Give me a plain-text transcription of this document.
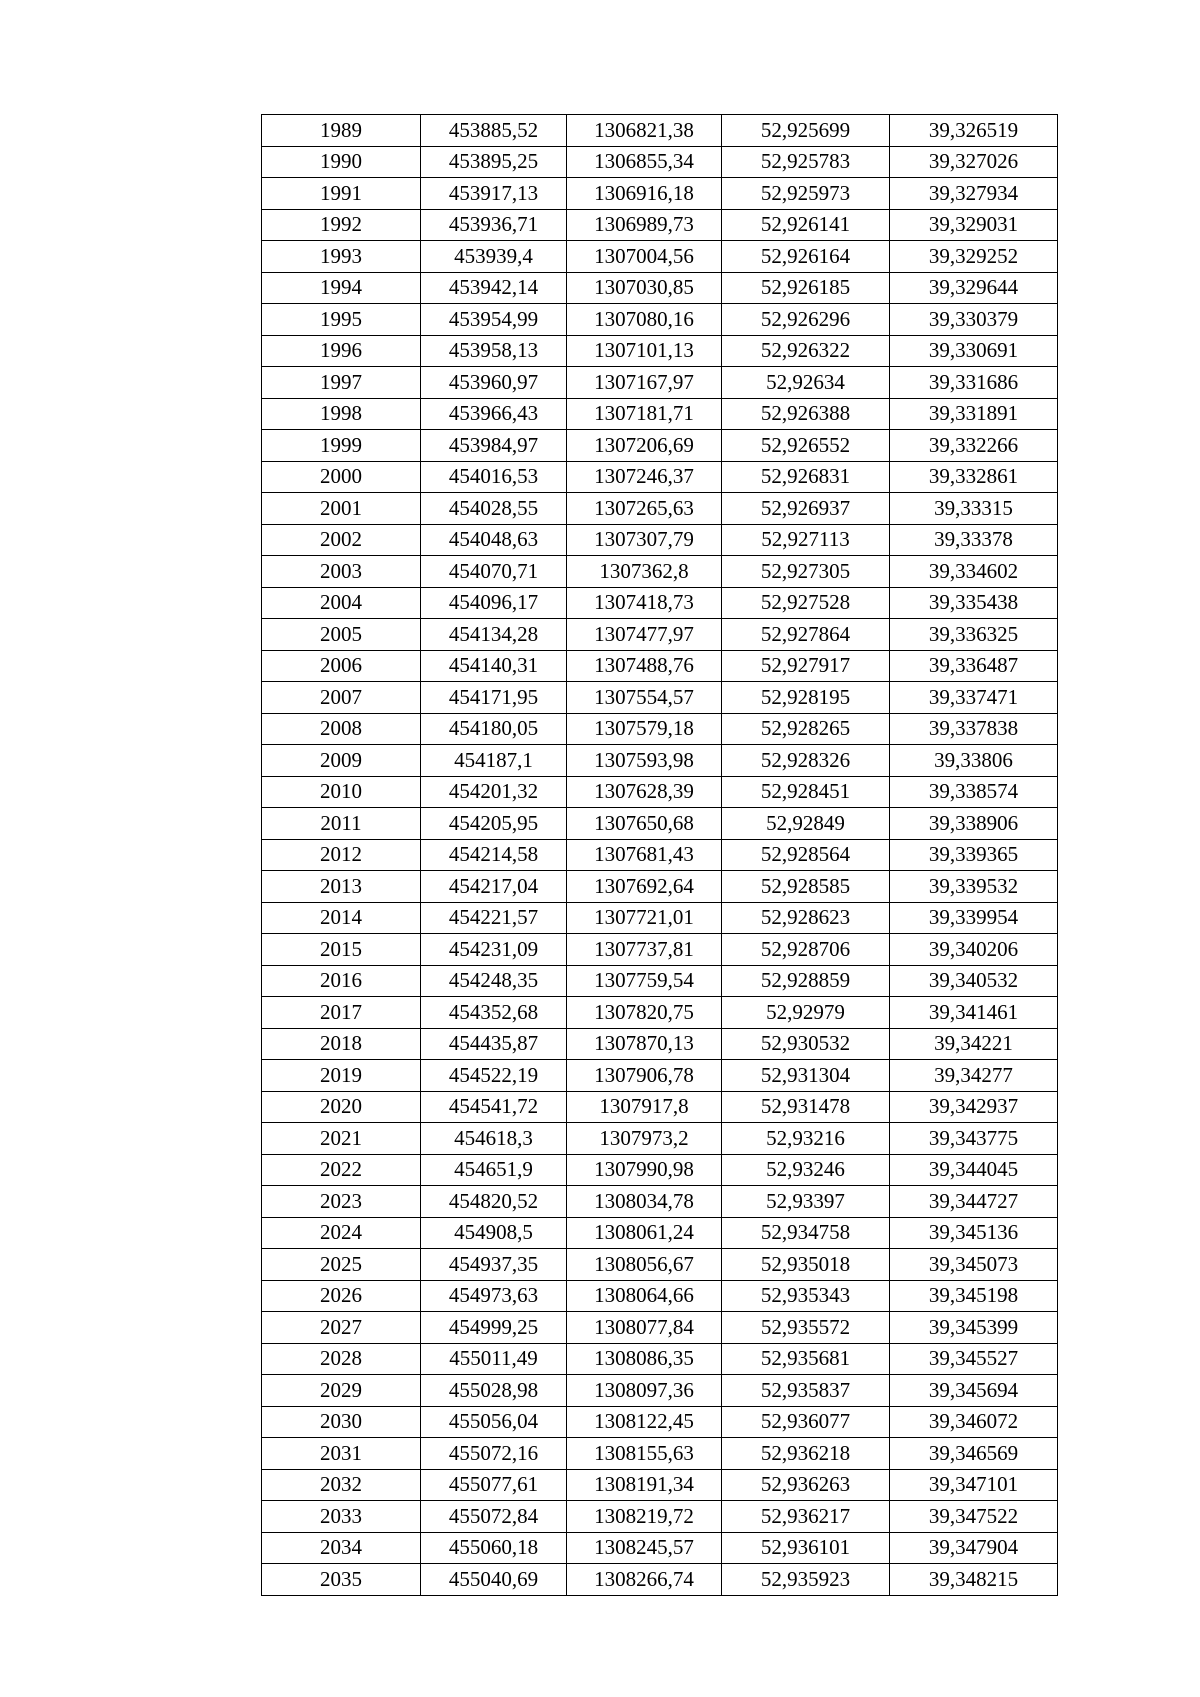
1989	453885,52	1306821,38	52,925699	39,326519
1990	453895,25	1306855,34	52,925783	39,327026
1991	453917,13	1306916,18	52,925973	39,327934
1992	453936,71	1306989,73	52,926141	39,329031
1993	453939,4	1307004,56	52,926164	39,329252
1994	453942,14	1307030,85	52,926185	39,329644
1995	453954,99	1307080,16	52,926296	39,330379
1996	453958,13	1307101,13	52,926322	39,330691
1997	453960,97	1307167,97	52,92634	39,331686
1998	453966,43	1307181,71	52,926388	39,331891
1999	453984,97	1307206,69	52,926552	39,332266
2000	454016,53	1307246,37	52,926831	39,332861
2001	454028,55	1307265,63	52,926937	39,33315
2002	454048,63	1307307,79	52,927113	39,33378
2003	454070,71	1307362,8	52,927305	39,334602
2004	454096,17	1307418,73	52,927528	39,335438
2005	454134,28	1307477,97	52,927864	39,336325
2006	454140,31	1307488,76	52,927917	39,336487
2007	454171,95	1307554,57	52,928195	39,337471
2008	454180,05	1307579,18	52,928265	39,337838
2009	454187,1	1307593,98	52,928326	39,33806
2010	454201,32	1307628,39	52,928451	39,338574
2011	454205,95	1307650,68	52,92849	39,338906
2012	454214,58	1307681,43	52,928564	39,339365
2013	454217,04	1307692,64	52,928585	39,339532
2014	454221,57	1307721,01	52,928623	39,339954
2015	454231,09	1307737,81	52,928706	39,340206
2016	454248,35	1307759,54	52,928859	39,340532
2017	454352,68	1307820,75	52,92979	39,341461
2018	454435,87	1307870,13	52,930532	39,34221
2019	454522,19	1307906,78	52,931304	39,34277
2020	454541,72	1307917,8	52,931478	39,342937
2021	454618,3	1307973,2	52,93216	39,343775
2022	454651,9	1307990,98	52,93246	39,344045
2023	454820,52	1308034,78	52,93397	39,344727
2024	454908,5	1308061,24	52,934758	39,345136
2025	454937,35	1308056,67	52,935018	39,345073
2026	454973,63	1308064,66	52,935343	39,345198
2027	454999,25	1308077,84	52,935572	39,345399
2028	455011,49	1308086,35	52,935681	39,345527
2029	455028,98	1308097,36	52,935837	39,345694
2030	455056,04	1308122,45	52,936077	39,346072
2031	455072,16	1308155,63	52,936218	39,346569
2032	455077,61	1308191,34	52,936263	39,347101
2033	455072,84	1308219,72	52,936217	39,347522
2034	455060,18	1308245,57	52,936101	39,347904
2035	455040,69	1308266,74	52,935923	39,348215
